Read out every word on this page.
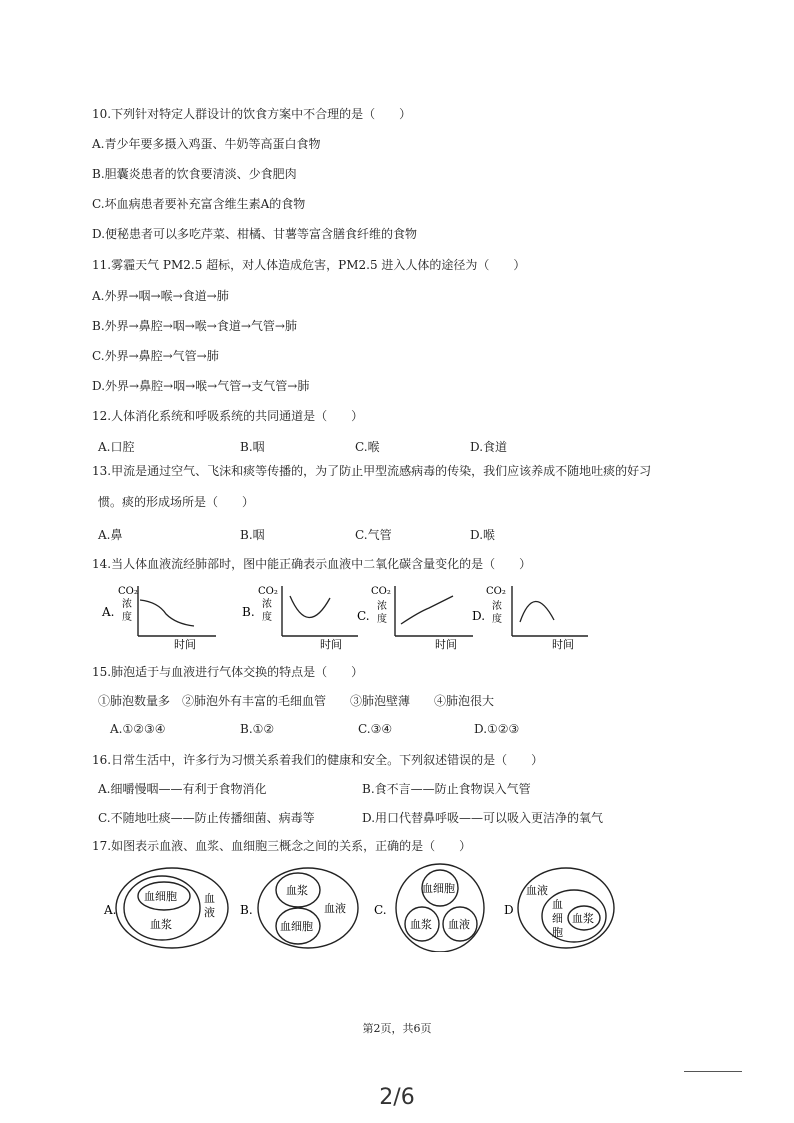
10.下列针对特定人群设计的饮食方案中不合理的是（　　）
A.青少年要多摄入鸡蛋、牛奶等高蛋白食物
B.胆囊炎患者的饮食要清淡、少食肥肉
C.坏血病患者要补充富含维生素A的食物
D.便秘患者可以多吃芹菜、柑橘、甘薯等富含膳食纤维的食物
11.雾霾天气 PM2.5 超标，对人体造成危害，PM2.5 进入人体的途径为（　　）
A.外界→咽→喉→食道→肺
B.外界→鼻腔→咽→喉→食道→气管→肺
C.外界→鼻腔→气管→肺
D.外界→鼻腔→咽→喉→气管→支气管→肺
12.人体消化系统和呼吸系统的共同通道是（　　）
A.口腔	B.咽	C.喉	D.食道
13.甲流是通过空气、飞沫和痰等传播的，为了防止甲型流感病毒的传染，我们应该养成不随地吐痰的好习
惯。痰的形成场所是（　　）
A.鼻	B.咽	C.气管	D.喉
14.当人体血液流经肺部时，图中能正确表示血液中二氧化碳含量变化的是（　　）
A.
CO₂
浓
度
时间
B.
CO₂
浓
度
时间
C.
CO₂
浓
度
时间
D.
CO₂
浓
度
时间
15.肺泡适于与血液进行气体交换的特点是（　　）
①肺泡数量多　②肺泡外有丰富的毛细血管　　③肺泡壁薄　　④肺泡很大
A.①②③④	B.①②	C.③④	D.①②③
16.日常生活中，许多行为习惯关系着我们的健康和安全。下列叙述错误的是（　　）
A.细嚼慢咽——有利于食物消化	B.食不言——防止食物误入气管
C.不随地吐痰——防止传播细菌、病毒等	D.用口代替鼻呼吸——可以吸入更洁净的氧气
17.如图表示血液、血浆、血细胞三概念之间的关系，正确的是（　　）
A.
血细胞
血浆
血
液 B.
血浆
血细胞
血液 C.
血细胞
血浆 血液
D
血液
血
细
胞
血浆
第2页，共6页
2/6
